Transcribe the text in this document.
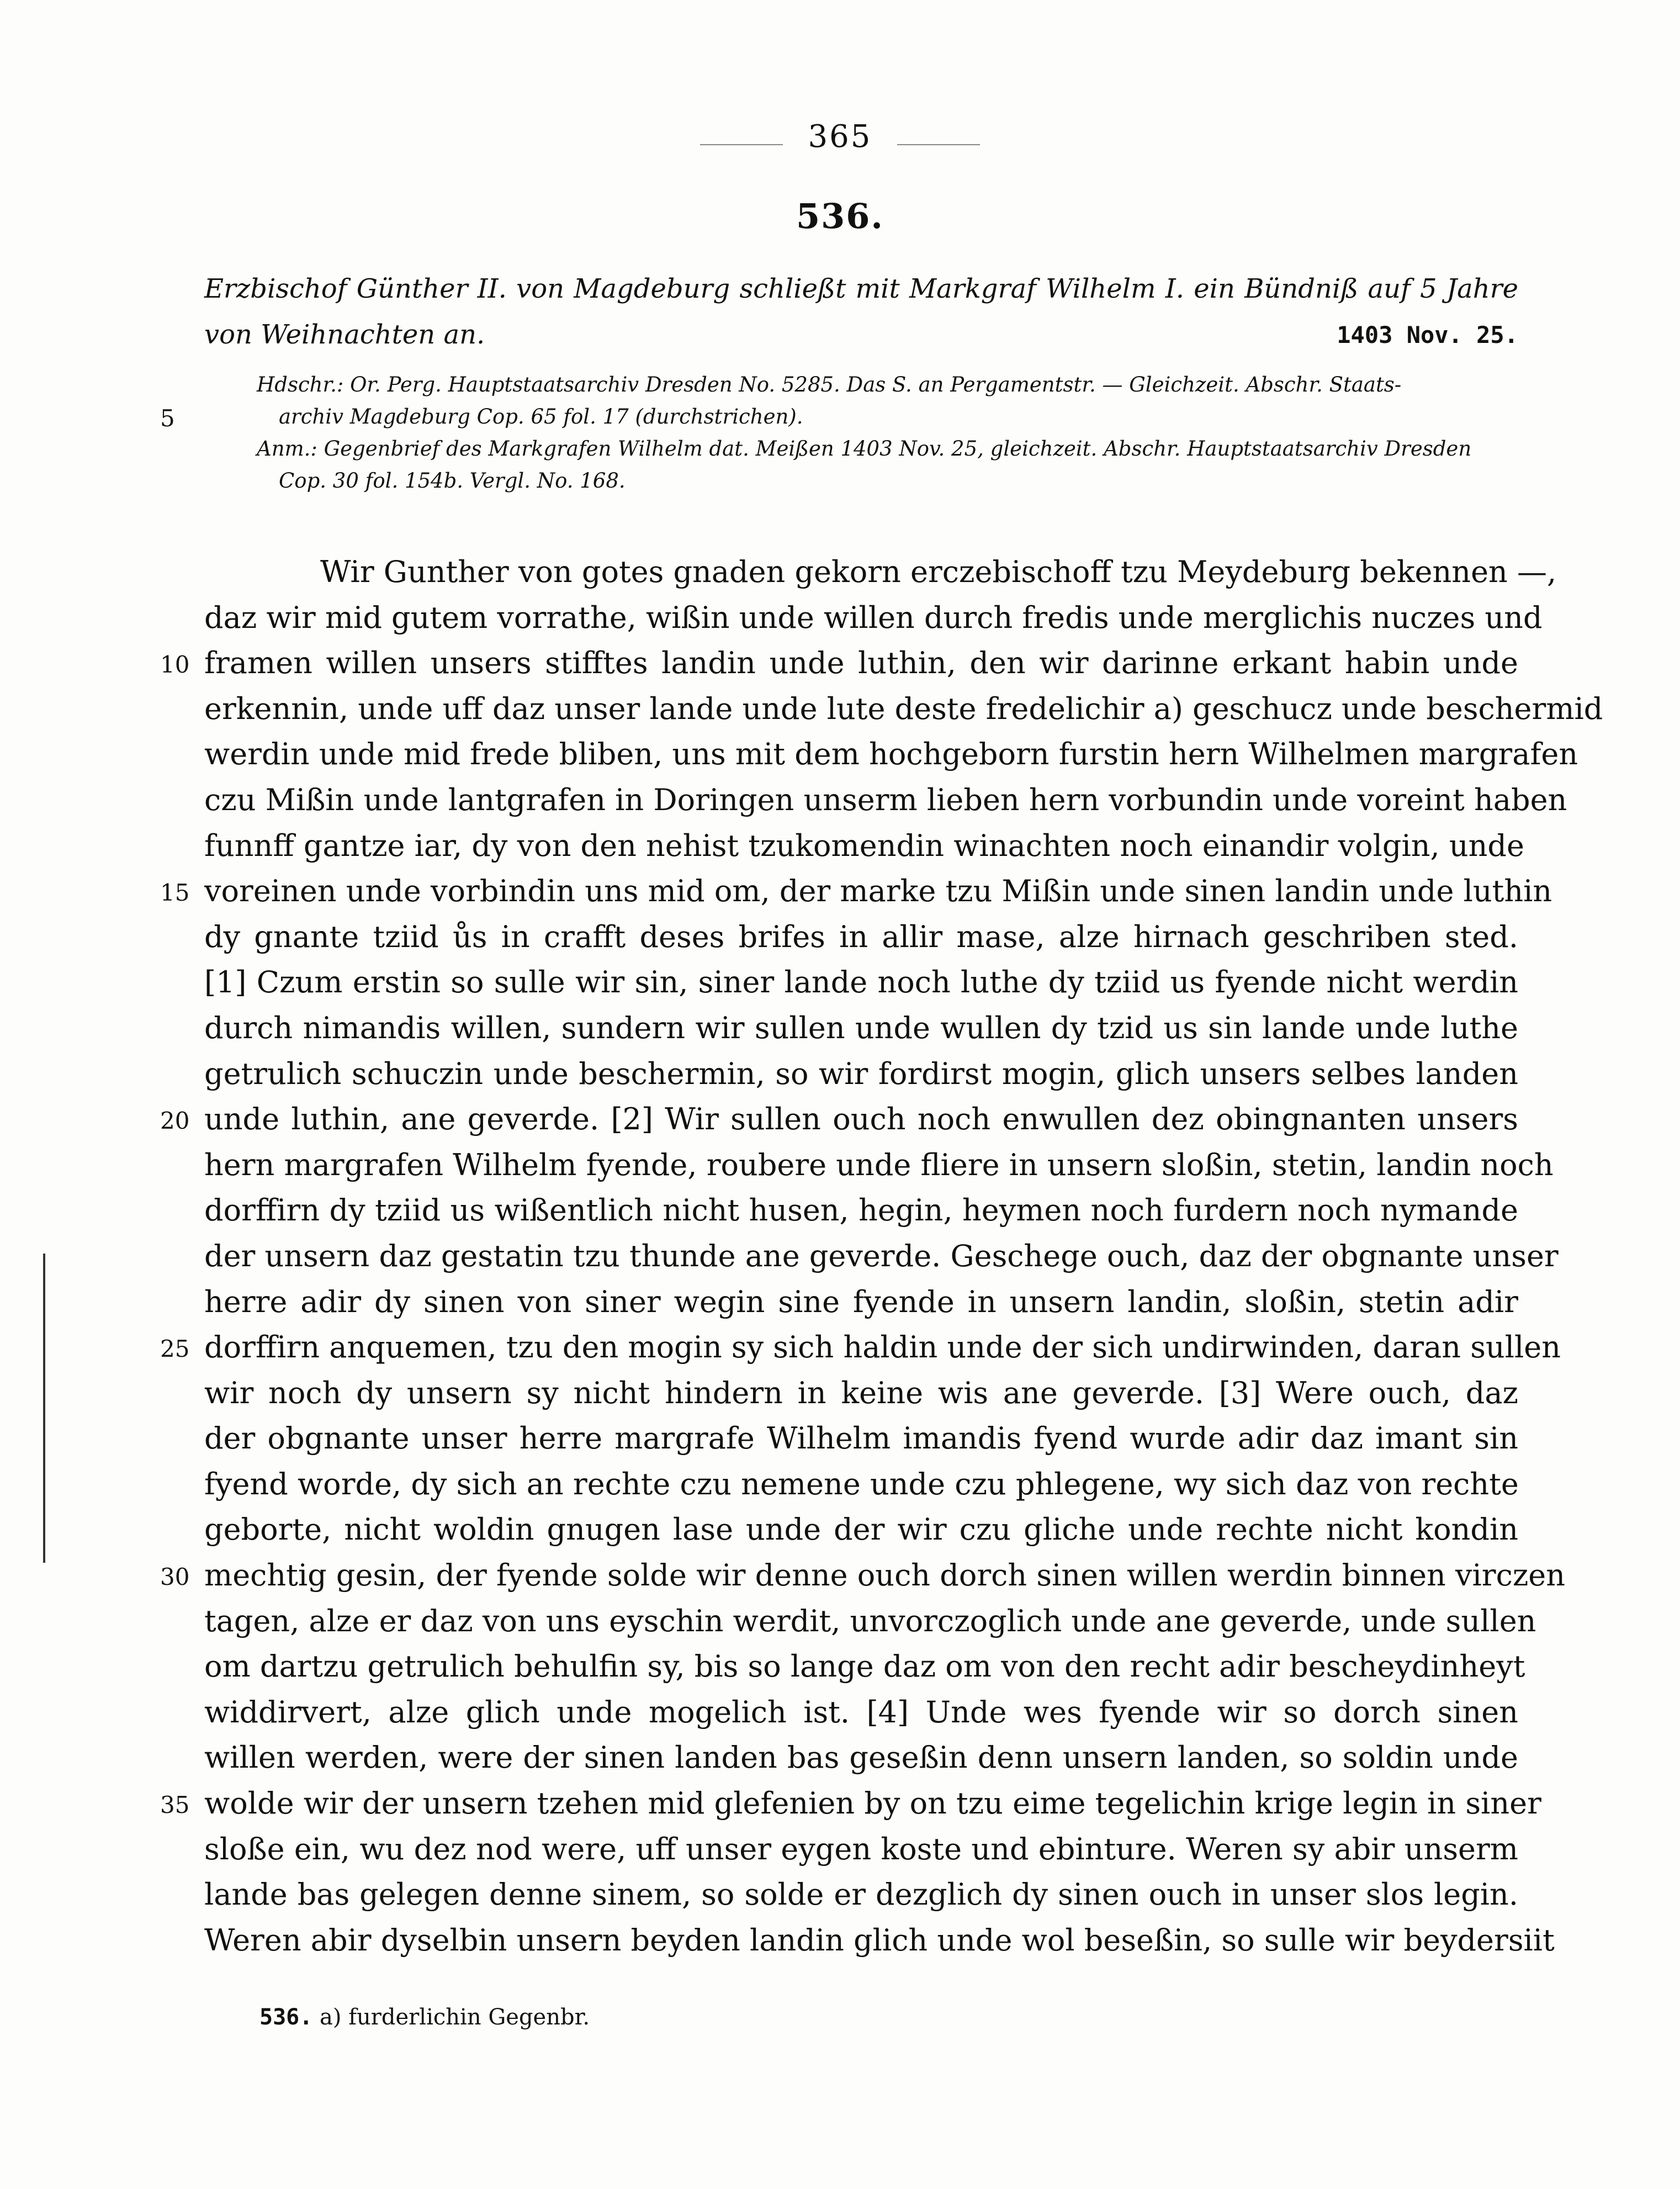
365
536.
Erzbischof Günther II. von Magdeburg schließt mit Markgraf Wilhelm I. ein Bündniß auf 5 Jahre von Weihnachten an.	1403 Nov. 25.
Hdschr.: Or. Perg. Hauptstaatsarchiv Dresden No. 5285. Das S. an Pergamentstr. — Gleichzeit. Abschr. Staats-
archiv Magdeburg Cop. 65 fol. 17 (durchstrichen).
Anm.: Gegenbrief des Markgrafen Wilhelm dat. Meißen 1403 Nov. 25, gleichzeit. Abschr. Hauptstaatsarchiv Dresden
Cop. 30 fol. 154b. Vergl. No. 168.
5
10
15
20
25
30
35
Wir Gunther von gotes gnaden gekorn erczebischoff tzu Meydeburg bekennen —,
daz wir mid gutem vorrathe, wißin unde willen durch fredis unde merglichis nuczes und
framen willen unsers stifftes landin unde luthin, den wir darinne erkant habin unde
erkennin, unde uff daz unser lande unde lute deste fredelichir a) geschucz unde beschermid
werdin unde mid frede bliben, uns mit dem hochgeborn furstin hern Wilhelmen margrafen
czu Mißin unde lantgrafen in Doringen unserm lieben hern vorbundin unde voreint haben
funnff gantze iar, dy von den nehist tzukomendin winachten noch einandir volgin, unde
voreinen unde vorbindin uns mid om, der marke tzu Mißin unde sinen landin unde luthin
dy gnante tziid ůs in crafft deses brifes in allir mase, alze hirnach geschriben sted.
[1] Czum erstin so sulle wir sin, siner lande noch luthe dy tziid us fyende nicht werdin
durch nimandis willen, sundern wir sullen unde wullen dy tzid us sin lande unde luthe
getrulich schuczin unde beschermin, so wir fordirst mogin, glich unsers selbes landen
unde luthin, ane geverde. [2] Wir sullen ouch noch enwullen dez obingnanten unsers
hern margrafen Wilhelm fyende, roubere unde fliere in unsern sloßin, stetin, landin noch
dorffirn dy tziid us wißentlich nicht husen, hegin, heymen noch furdern noch nymande
der unsern daz gestatin tzu thunde ane geverde. Geschege ouch, daz der obgnante unser
herre adir dy sinen von siner wegin sine fyende in unsern landin, sloßin, stetin adir
dorffirn anquemen, tzu den mogin sy sich haldin unde der sich undirwinden, daran sullen
wir noch dy unsern sy nicht hindern in keine wis ane geverde. [3] Were ouch, daz
der obgnante unser herre margrafe Wilhelm imandis fyend wurde adir daz imant sin
fyend worde, dy sich an rechte czu nemene unde czu phlegene, wy sich daz von rechte
geborte, nicht woldin gnugen lase unde der wir czu gliche unde rechte nicht kondin
mechtig gesin, der fyende solde wir denne ouch dorch sinen willen werdin binnen virczen
tagen, alze er daz von uns eyschin werdit, unvorczoglich unde ane geverde, unde sullen
om dartzu getrulich behulfin sy, bis so lange daz om von den recht adir bescheydinheyt
widdirvert, alze glich unde mogelich ist. [4] Unde wes fyende wir so dorch sinen
willen werden, were der sinen landen bas geseßin denn unsern landen, so soldin unde
wolde wir der unsern tzehen mid glefenien by on tzu eime tegelichin krige legin in siner
sloße ein, wu dez nod were, uff unser eygen koste und ebinture. Weren sy abir unserm
lande bas gelegen denne sinem, so solde er dezglich dy sinen ouch in unser slos legin.
Weren abir dyselbin unsern beyden landin glich unde wol beseßin, so sulle wir beydersiit
536. a) furderlichin Gegenbr.
